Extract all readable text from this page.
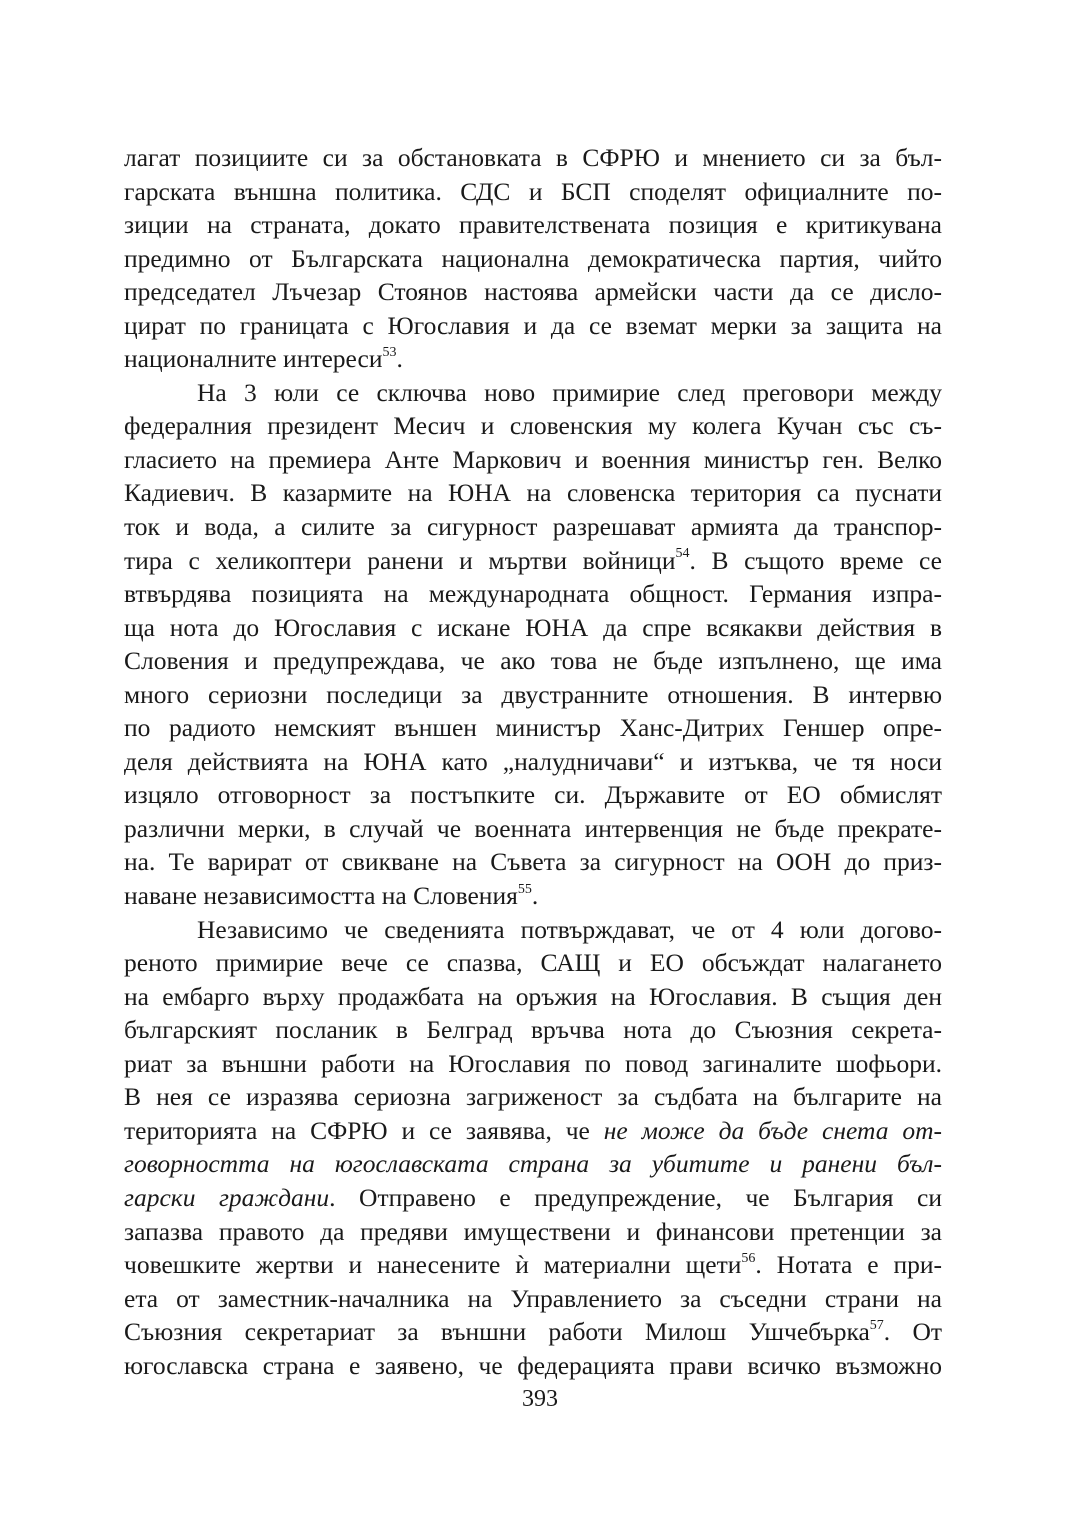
лагат позициите си за обстановката в СФРЮ и мнението си за бъл-
гарската външна политика. СДС и БСП споделят официалните по-
зиции на страната, докато правителствената позиция е критикувана
предимно от Българската национална демократическа партия, чийто
председател Лъчезар Стоянов настоява армейски части да се дисло-
цират по границата с Югославия и да се вземат мерки за защита на
националните интереси$^{53}$.
На 3 юли се сключва ново примирие след преговори между
федералния президент Месич и словенския му колега Кучан със съ-
гласието на премиера Анте Маркович и военния министър ген. Велко
Кадиевич. В казармите на ЮНА на словенска територия са пуснати
ток и вода, а силите за сигурност разрешават армията да транспор-
тира с хеликоптери ранени и мъртви войници$^{54}$. В същото време се
втвърдява позицията на международната общност. Германия изпра-
ща нота до Югославия с искане ЮНА да спре всякакви действия в
Словения и предупреждава, че ако това не бъде изпълнено, ще има
много сериозни последици за двустранните отношения. В интервю
по радиото немският външен министър Ханс-Дитрих Геншер опре-
деля действията на ЮНА като „налудничави“ и изтъква, че тя носи
изцяло отговорност за постъпките си. Държавите от ЕО обмислят
различни мерки, в случай че военната интервенция не бъде прекрате-
на. Те варират от свикване на Съвета за сигурност на ООН до приз-
наване независимостта на Словения$^{55}$.
Независимо че сведенията потвърждават, че от 4 юли догово-
реното примирие вече се спазва, САЩ и ЕО обсъждат налагането
на ембарго върху продажбата на оръжия на Югославия. В същия ден
българският посланик в Белград връчва нота до Съюзния секрета-
риат за външни работи на Югославия по повод загиналите шофьори.
В нея се изразява сериозна загриженост за съдбата на българите на
територията на СФРЮ и се заявява, че не може да бъде снета от-
говорността на югославската страна за убитите и ранени бъл-
гарски граждани. Отправено е предупреждение, че България си
запазва правото да предяви имуществени и финансови претенции за
човешките жертви и нанесените ѝ материални щети$^{56}$. Нотата е при-
ета от заместник-началника на Управлението за съседни страни на
Съюзния секретариат за външни работи Милош Ушчебърка$^{57}$. От
югославска страна е заявено, че федерацията прави всичко възможно
393
